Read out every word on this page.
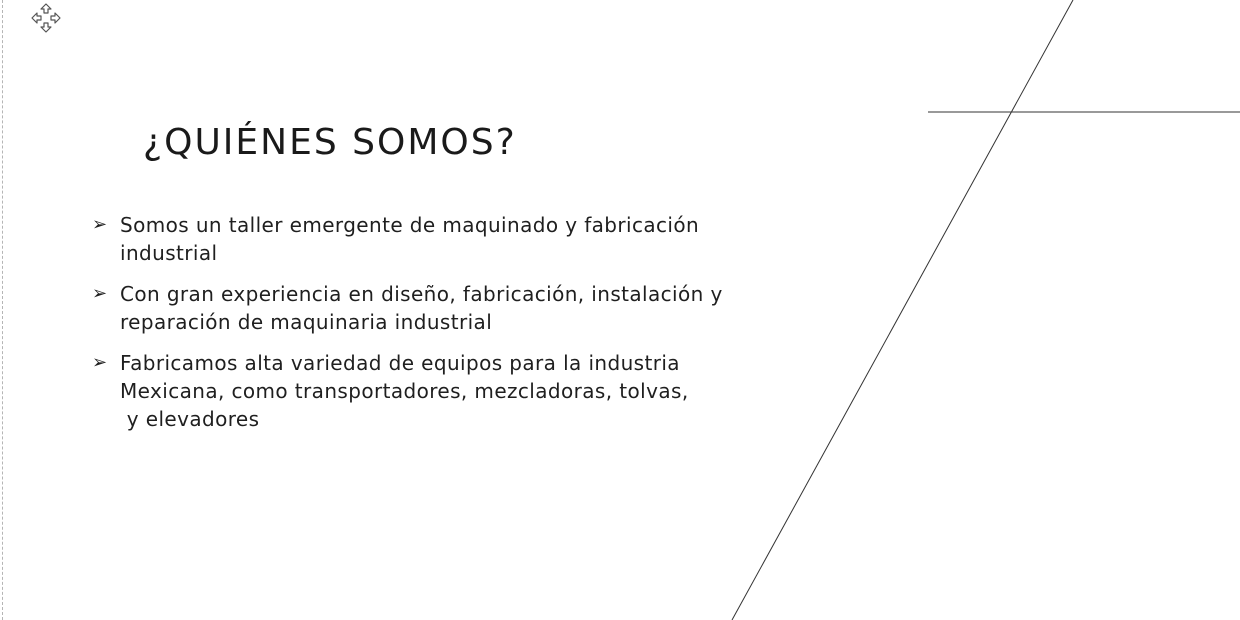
¿QUIÉNES SOMOS?
➢ Somos un taller emergente de maquinado y fabricación
industrial
➢ Con gran experiencia en diseño, fabricación, instalación y
reparación de maquinaria industrial
➢ Fabricamos alta variedad de equipos para la industria
Mexicana, como transportadores, mezcladoras, tolvas,
y elevadores
